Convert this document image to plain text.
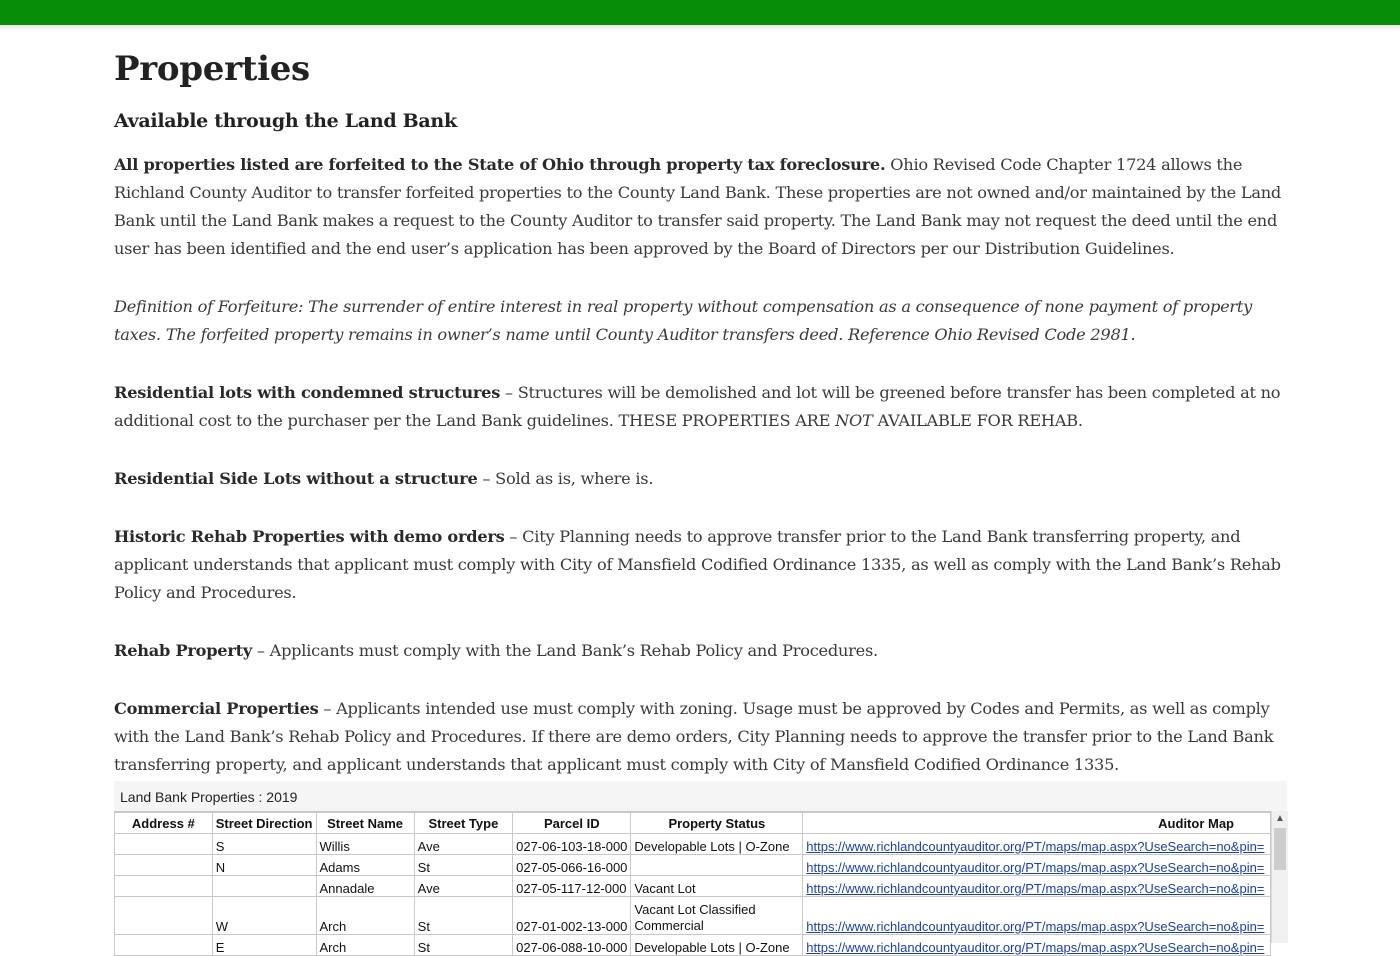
Properties
Available through the Land Bank

All properties listed are forfeited to the State of Ohio through property tax foreclosure. Ohio Revised Code Chapter 1724 allows the Richland County Auditor to transfer forfeited properties to the County Land Bank. These properties are not owned and/or maintained by the Land Bank until the Land Bank makes a request to the County Auditor to transfer said property. The Land Bank may not request the deed until the end user has been identified and the end user’s application has been approved by the Board of Directors per our Distribution Guidelines.

Definition of Forfeiture: The surrender of entire interest in real property without compensation as a consequence of none payment of property taxes. The forfeited property remains in owner’s name until County Auditor transfers deed. Reference Ohio Revised Code 2981.

Residential lots with condemned structures – Structures will be demolished and lot will be greened before transfer has been completed at no additional cost to the purchaser per the Land Bank guidelines. THESE PROPERTIES ARE NOT AVAILABLE FOR REHAB.

Residential Side Lots without a structure – Sold as is, where is.

Historic Rehab Properties with demo orders – City Planning needs to approve transfer prior to the Land Bank transferring property, and applicant understands that applicant must comply with City of Mansfield Codified Ordinance 1335, as well as comply with the Land Bank’s Rehab Policy and Procedures.

Rehab Property – Applicants must comply with the Land Bank’s Rehab Policy and Procedures.

Commercial Properties – Applicants intended use must comply with zoning. Usage must be approved by Codes and Permits, as well as comply with the Land Bank’s Rehab Policy and Procedures. If there are demo orders, City Planning needs to approve the transfer prior to the Land Bank transferring property, and applicant understands that applicant must comply with City of Mansfield Codified Ordinance 1335.

Land Bank Properties : 2019
Address #	Street Direction	Street Name	Street Type	Parcel ID	Property Status	Auditor Map
	S	Willis	Ave	027-06-103-18-000	Developable Lots | O-Zone	https://www.richlandcountyauditor.org/PT/maps/map.aspx?UseSearch=no&pin=
	N	Adams	St	027-05-066-16-000		https://www.richlandcountyauditor.org/PT/maps/map.aspx?UseSearch=no&pin=
		Annadale	Ave	027-05-117-12-000	Vacant Lot	https://www.richlandcountyauditor.org/PT/maps/map.aspx?UseSearch=no&pin=
	W	Arch	St	027-01-002-13-000	Vacant Lot Classified Commercial	https://www.richlandcountyauditor.org/PT/maps/map.aspx?UseSearch=no&pin=
	E	Arch	St	027-06-088-10-000	Developable Lots | O-Zone	https://www.richlandcountyauditor.org/PT/maps/map.aspx?UseSearch=no&pin=
▲
